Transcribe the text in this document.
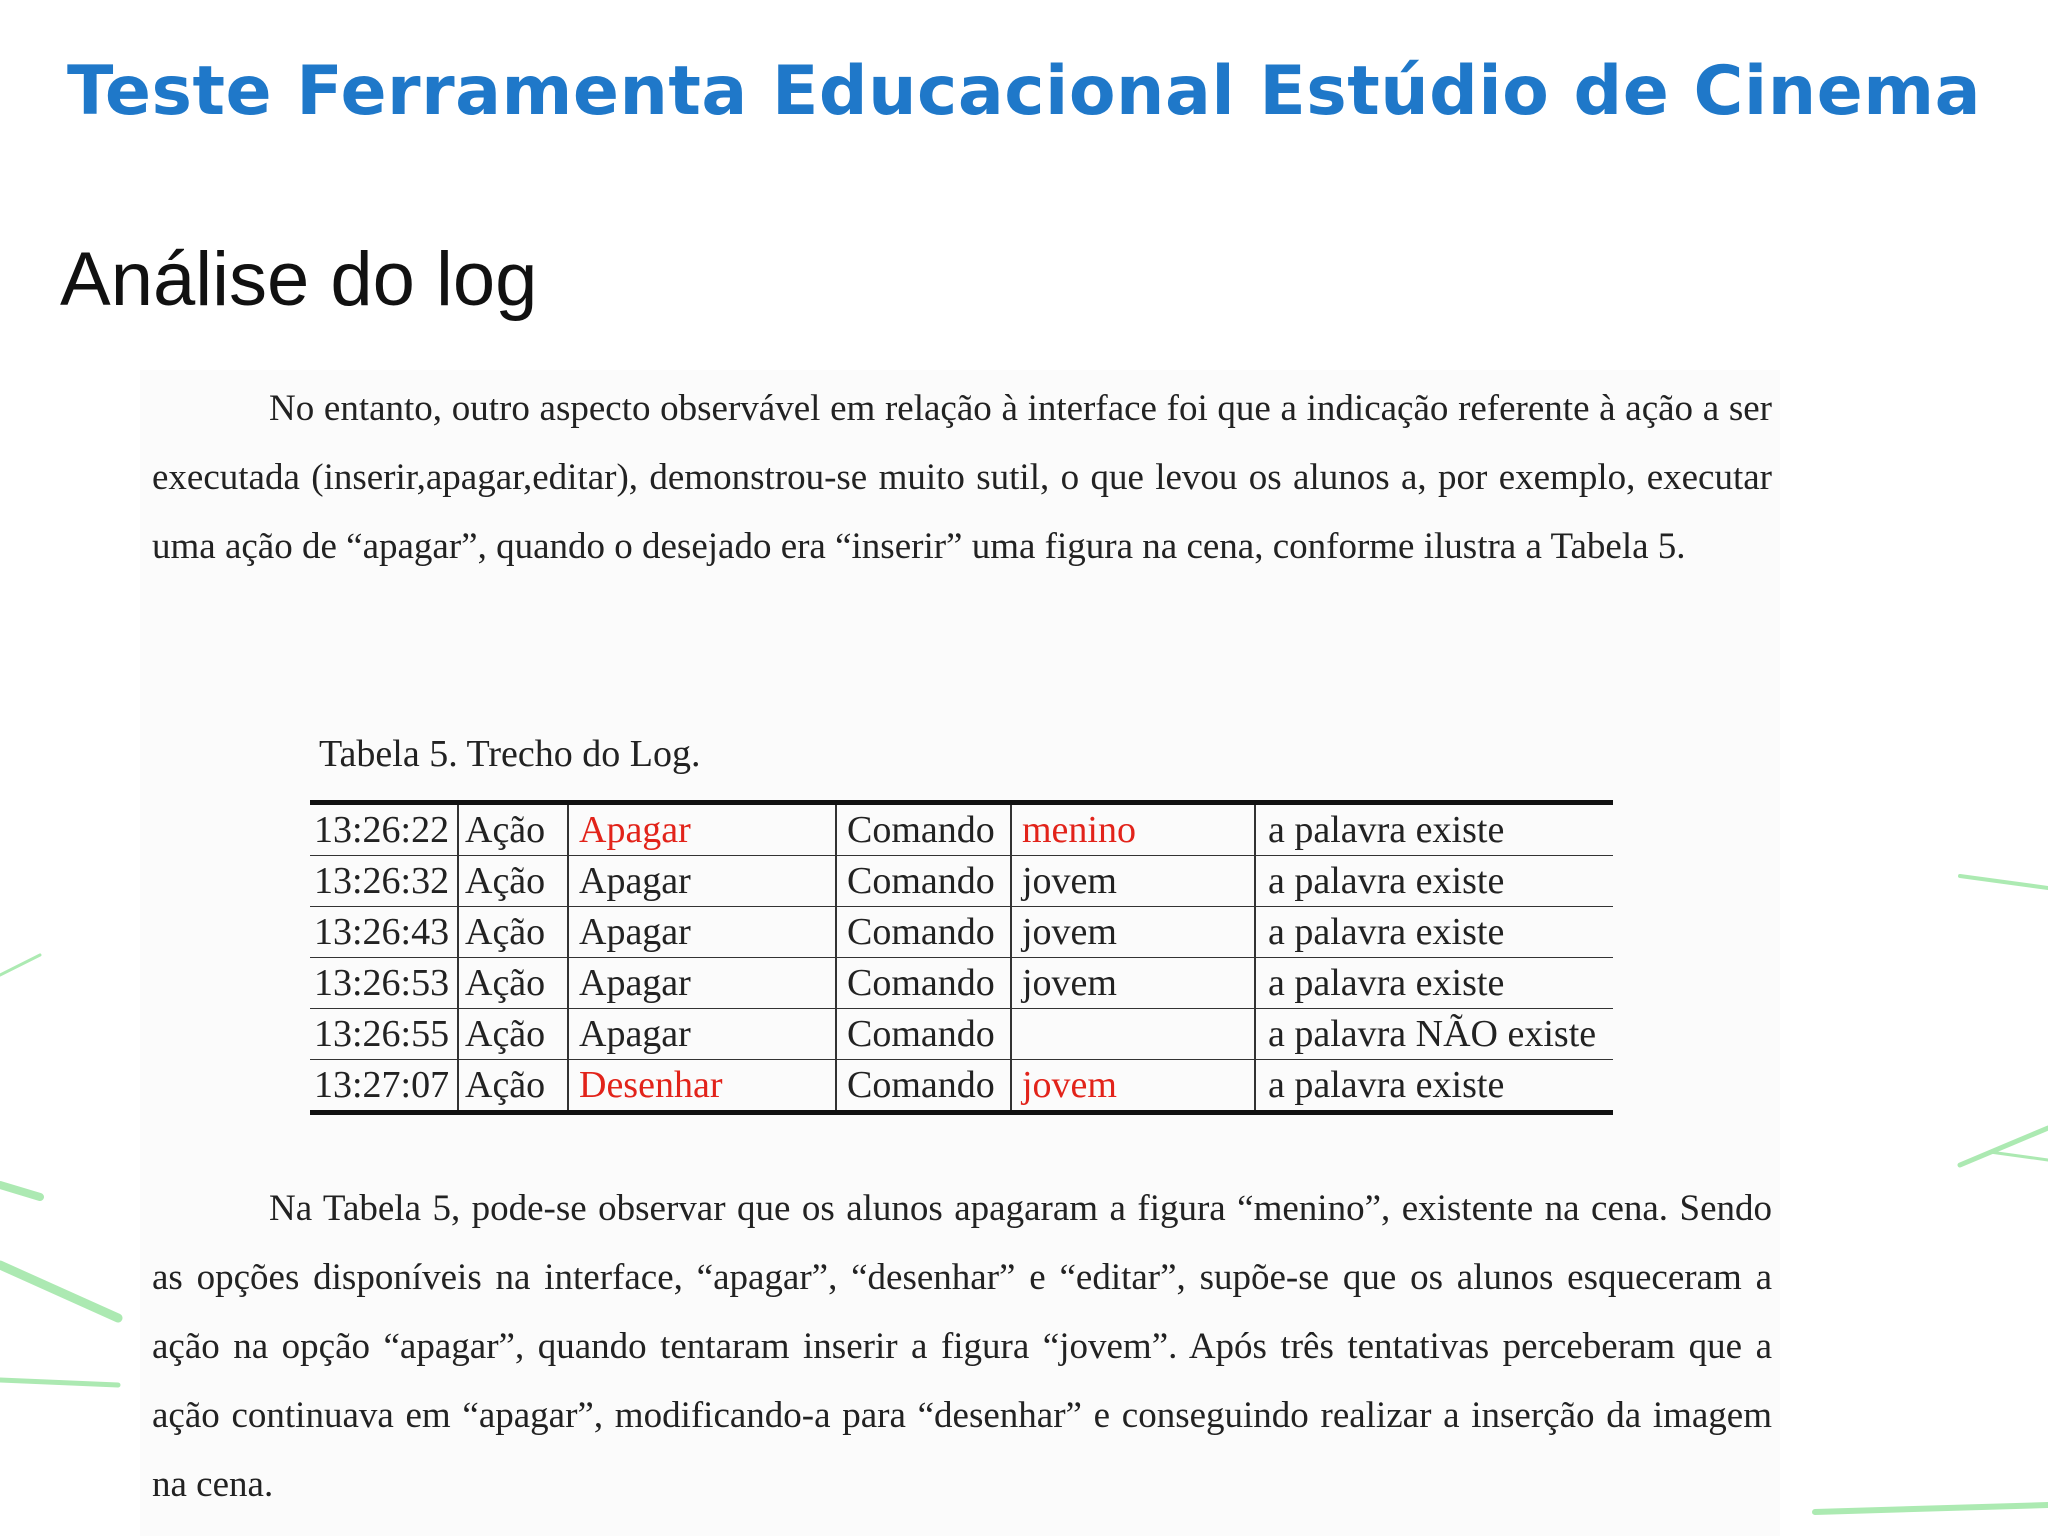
Teste Ferramenta Educacional Estúdio de Cinema
Análise do log

No entanto, outro aspecto observável em relação à interface foi que a indicação referente à ação a ser executada (inserir,apagar,editar), demonstrou-se muito sutil, o que levou os alunos a, por exemplo, executar uma ação de “apagar”, quando o desejado era “inserir” uma figura na cena, conforme ilustra a Tabela 5.

Tabela 5. Trecho do Log.
13:26:22	Ação	Apagar	Comando	menino	a palavra existe
13:26:32	Ação	Apagar	Comando	jovem	a palavra existe
13:26:43	Ação	Apagar	Comando	jovem	a palavra existe
13:26:53	Ação	Apagar	Comando	jovem	a palavra existe
13:26:55	Ação	Apagar	Comando		a palavra NÃO existe
13:27:07	Ação	Desenhar	Comando	jovem	a palavra existe

Na Tabela 5, pode-se observar que os alunos apagaram a figura “menino”, existente na cena. Sendo as opções disponíveis na interface, “apagar”, “desenhar” e “editar”, supõe-se que os alunos esqueceram a ação na opção “apagar”, quando tentaram inserir a figura “jovem”. Após três tentativas perceberam que a ação continuava em “apagar”, modificando-a para “desenhar” e conseguindo realizar a inserção da imagem na cena.
